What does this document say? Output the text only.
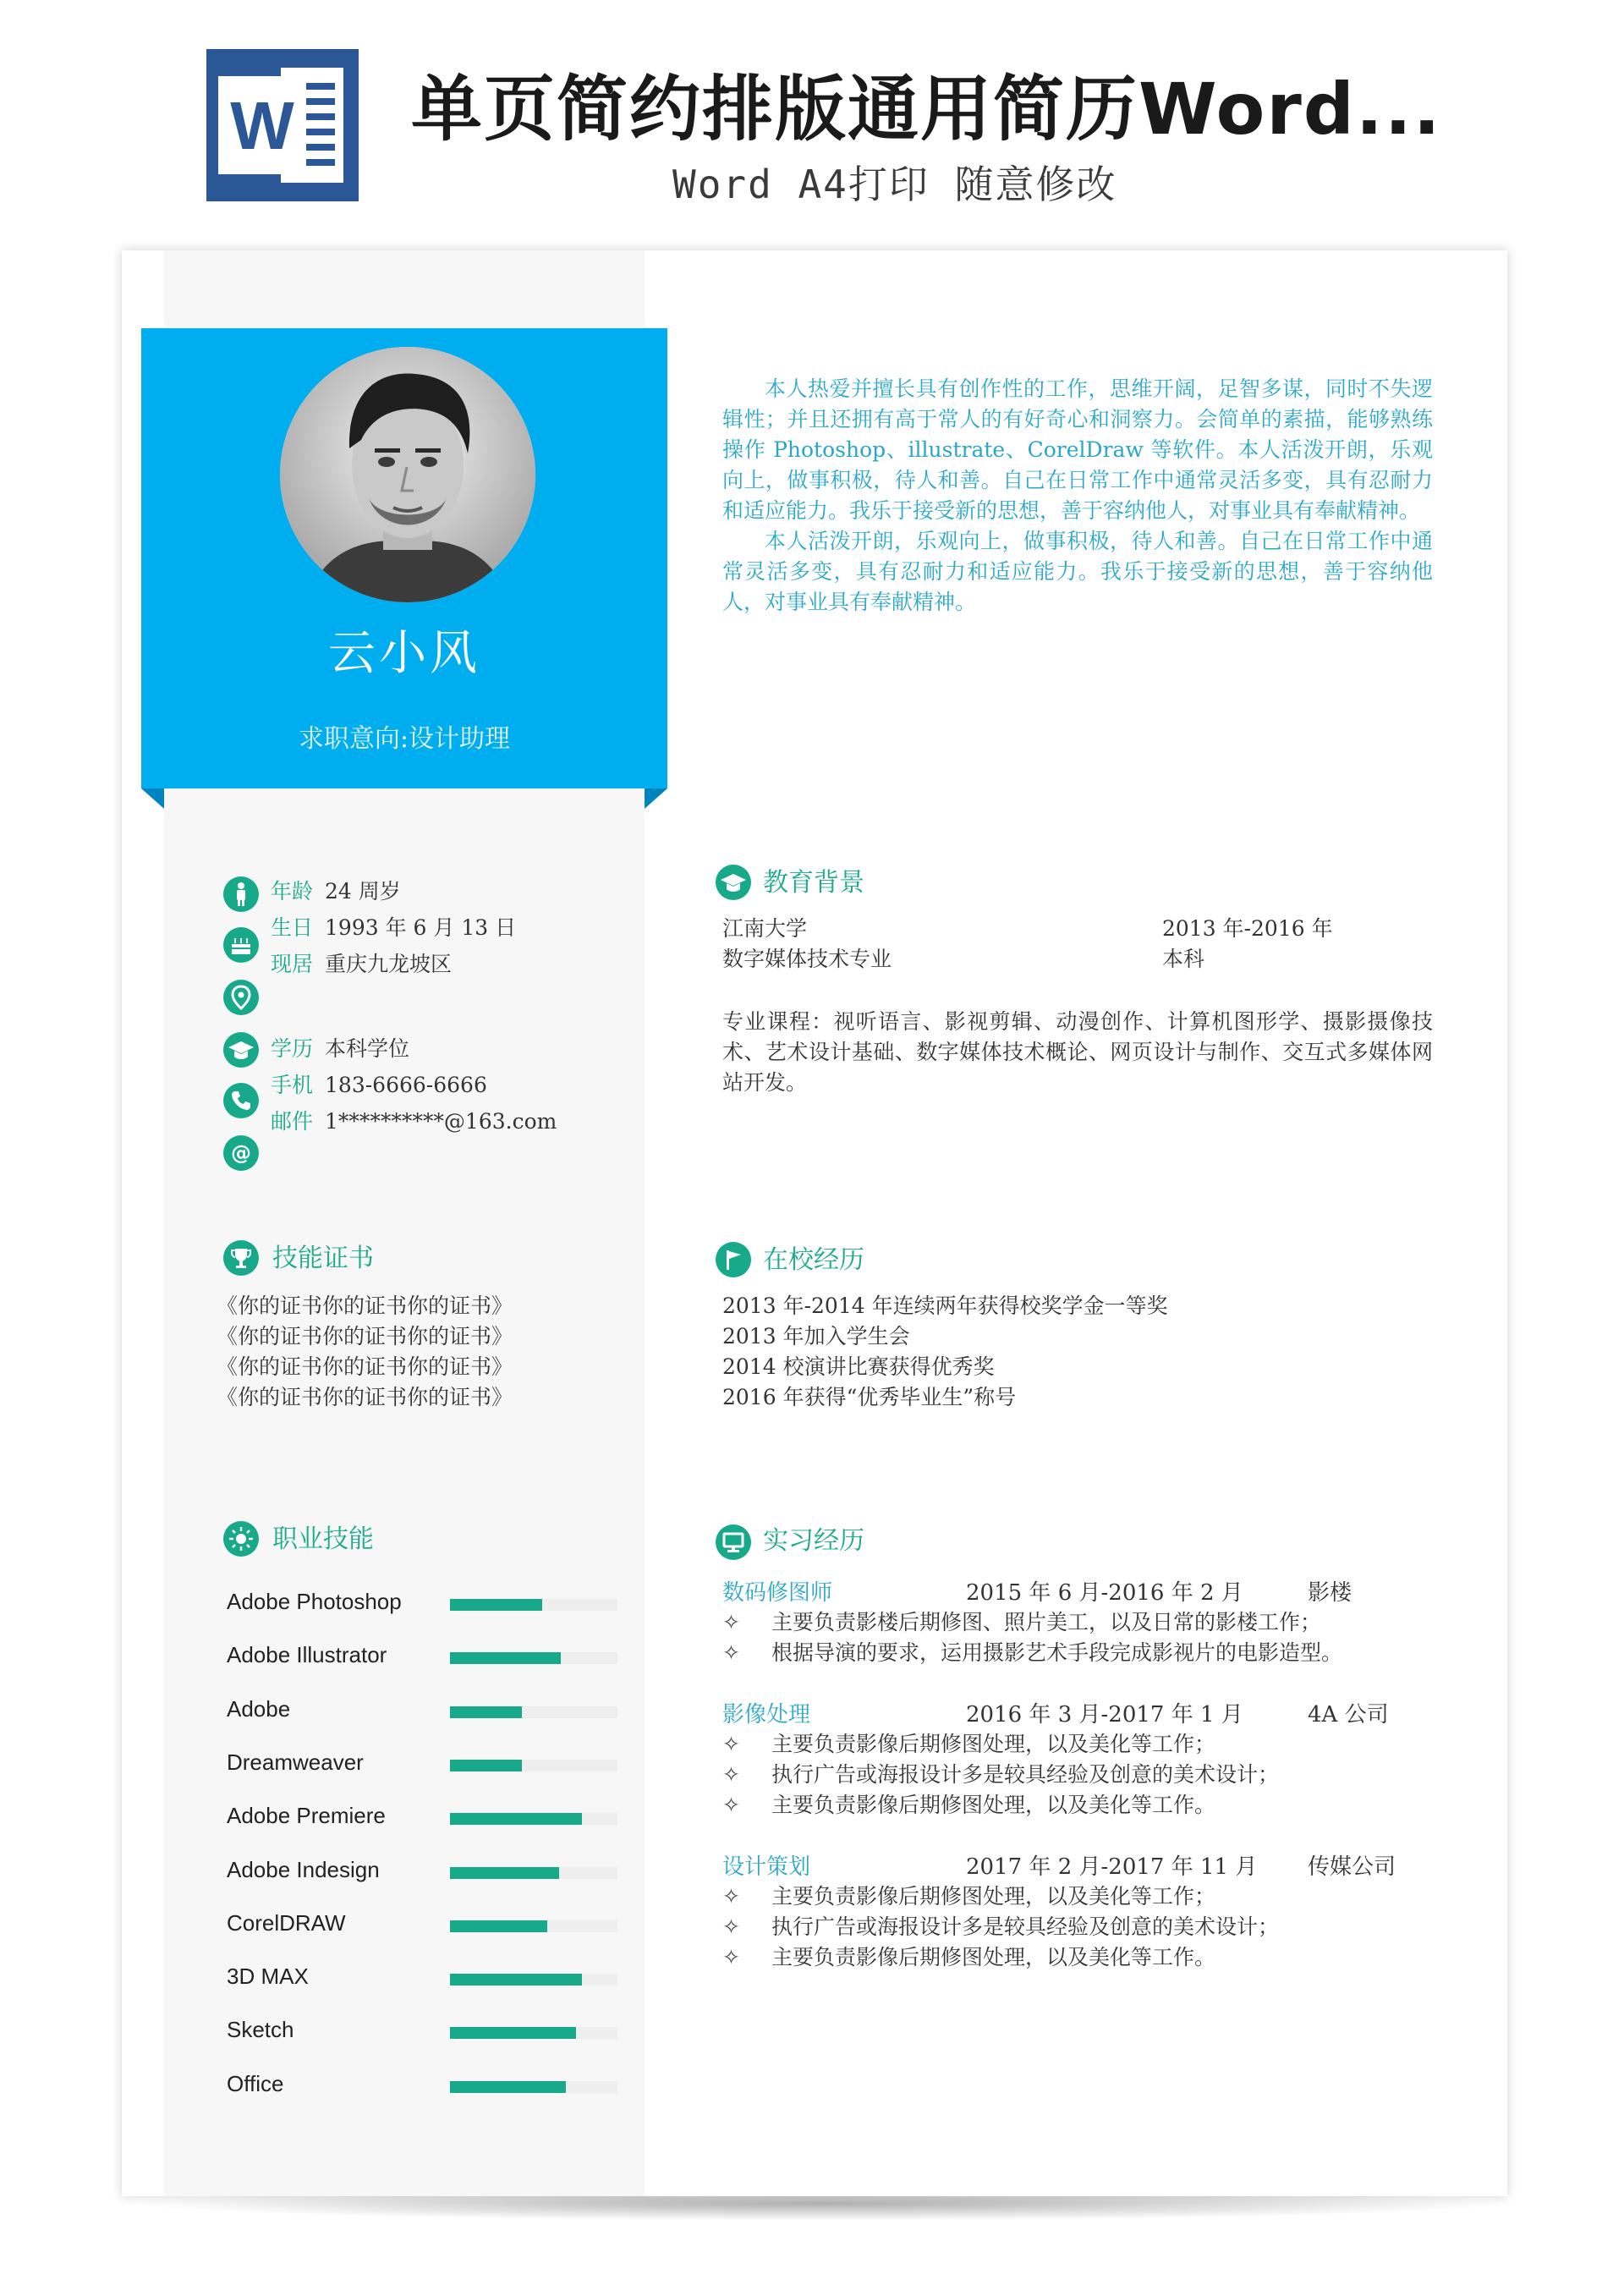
W 单页简约排版通用简历Word...
Word A4打印 随意修改
云小风
求职意向:设计助理

本人热爱并擅长具有创作性的工作，思维开阔，足智多谋，同时不失逻辑性；并且还拥有高于常人的有好奇心和洞察力。会简单的素描，能够熟练操作 Photoshop、illustrate、CorelDraw 等软件。本人活泼开朗，乐观向上，做事积极，待人和善。自己在日常工作中通常灵活多变，具有忍耐力和适应能力。我乐于接受新的思想，善于容纳他人，对事业具有奉献精神。

本人活泼开朗，乐观向上，做事积极，待人和善。自己在日常工作中通常灵活多变，具有忍耐力和适应能力。我乐于接受新的思想，善于容纳他人，对事业具有奉献精神。

@
年龄 24 周岁
生日 1993 年 6 月 13 日
现居 重庆九龙坡区
学历 本科学位
手机 183-6666-6666
邮件 1**********@163.com
教育背景
江南大学	2013 年-2016 年
数字媒体技术专业	本科
专业课程：视听语言、影视剪辑、动漫创作、计算机图形学、摄影摄像技术、艺术设计基础、数字媒体技术概论、网页设计与制作、交互式多媒体网站开发。
技能证书
《你的证书你的证书你的证书》
《你的证书你的证书你的证书》
《你的证书你的证书你的证书》
《你的证书你的证书你的证书》
在校经历
2013 年-2014 年连续两年获得校奖学金一等奖
2013 年加入学生会
2014 校演讲比赛获得优秀奖
2016 年获得“优秀毕业生”称号
职业技能
Adobe Photoshop
Adobe Illustrator
Adobe
Dreamweaver
Adobe Premiere
Adobe Indesign
CorelDRAW
3D MAX
Sketch
Office
实习经历
数码修图师	2015 年 6 月-2016 年 2 月	影楼
✧ 主要负责影楼后期修图、照片美工，以及日常的影楼工作；
✧ 根据导演的要求，运用摄影艺术手段完成影视片的电影造型。
影像处理	2016 年 3 月-2017 年 1 月	4A 公司
✧ 主要负责影像后期修图处理，以及美化等工作；
✧ 执行广告或海报设计多是较具经验及创意的美术设计；
✧ 主要负责影像后期修图处理，以及美化等工作。
设计策划	2017 年 2 月-2017 年 11 月 传媒公司
✧ 主要负责影像后期修图处理，以及美化等工作；
✧ 执行广告或海报设计多是较具经验及创意的美术设计；
✧ 主要负责影像后期修图处理，以及美化等工作。
